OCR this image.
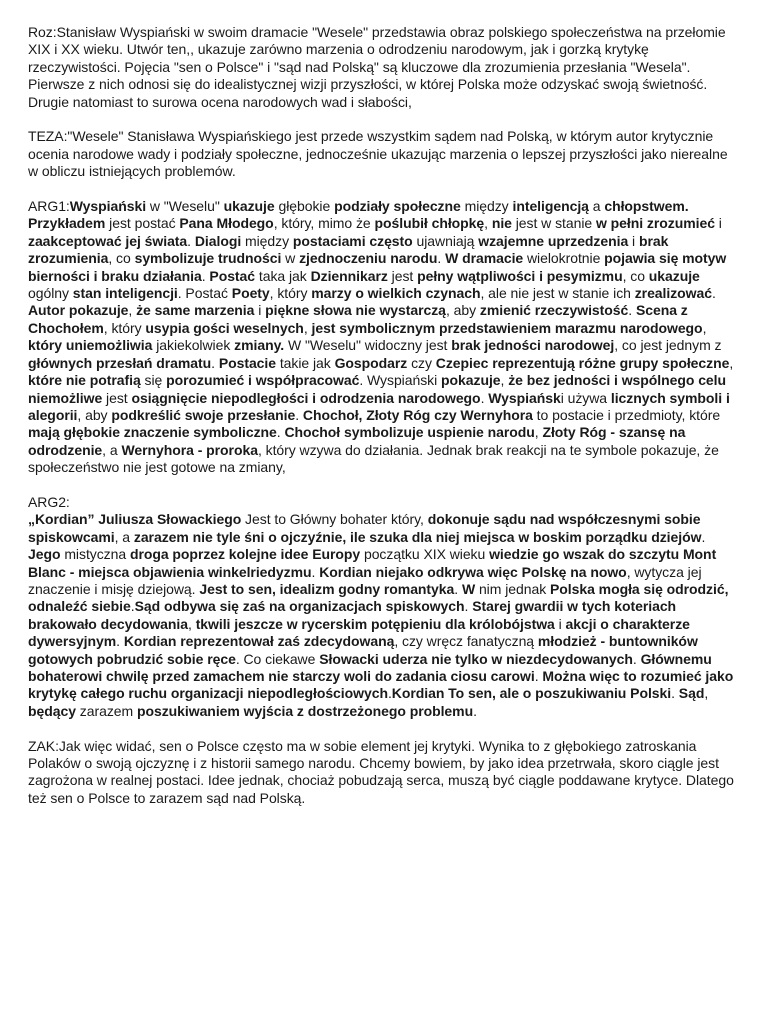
Roz:Stanisław Wyspiański w swoim dramacie "Wesele" przedstawia obraz polskiego społeczeństwa na przełomie XIX i XX wieku. Utwór ten,, ukazuje zarówno marzenia o odrodzeniu narodowym, jak i gorzką krytykę rzeczywistości. Pojęcia "sen o Polsce" i "sąd nad Polską" są kluczowe dla zrozumienia przesłania "Wesela". Pierwsze z nich odnosi się do idealistycznej wizji przyszłości, w której Polska może odzyskać swoją świetność. Drugie natomiast to surowa ocena narodowych wad i słabości,

TEZA:"Wesele" Stanisława Wyspiańskiego jest przede wszystkim sądem nad Polską, w którym autor krytycznie ocenia narodowe wady i podziały społeczne, jednocześnie ukazując marzenia o lepszej przyszłości jako nierealne w obliczu istniejących problemów.

ARG1:Wyspiański w "Weselu" ukazuje głębokie podziały społeczne między inteligencją a chłopstwem. Przykładem jest postać Pana Młodego, który, mimo że poślubił chłopkę, nie jest w stanie w pełni zrozumieć i zaakceptować jej świata. Dialogi między postaciami często ujawniają wzajemne uprzedzenia i brak zrozumienia, co symbolizuje trudności w zjednoczeniu narodu. W dramacie wielokrotnie pojawia się motyw bierności i braku działania. Postać taka jak Dziennikarz jest pełny wątpliwości i pesymizmu, co ukazuje ogólny stan inteligencji. Postać Poety, który marzy o wielkich czynach, ale nie jest w stanie ich zrealizować. Autor pokazuje, że same marzenia i piękne słowa nie wystarczą, aby zmienić rzeczywistość. Scena z Chochołem, który usypia gości weselnych, jest symbolicznym przedstawieniem marazmu narodowego, który uniemożliwia jakiekolwiek zmiany. W "Weselu" widoczny jest brak jedności narodowej, co jest jednym z głównych przesłań dramatu. Postacie takie jak Gospodarz czy Czepiec reprezentują różne grupy społeczne, które nie potrafią się porozumieć i współpracować. Wyspiański pokazuje, że bez jedności i wspólnego celu niemożliwe jest osiągnięcie niepodległości i odrodzenia narodowego. Wyspiański używa licznych symboli i alegorii, aby podkreślić swoje przesłanie. Chochoł, Złoty Róg czy Wernyhora to postacie i przedmioty, które mają głębokie znaczenie symboliczne. Chochoł symbolizuje uspienie narodu, Złoty Róg - szansę na odrodzenie, a Wernyhora - proroka, który wzywa do działania. Jednak brak reakcji na te symbole pokazuje, że społeczeństwo nie jest gotowe na zmiany,

ARG2:

„Kordian” Juliusza Słowackiego Jest to Główny bohater który, dokonuje sądu nad współczesnymi sobie spiskowcami, a zarazem nie tyle śni o ojczyźnie, ile szuka dla niej miejsca w boskim porządku dziejów. Jego mistyczna droga poprzez kolejne idee Europy początku XIX wieku wiedzie go wszak do szczytu Mont Blanc - miejsca objawienia winkelriedyzmu. Kordian niejako odkrywa więc Polskę na nowo, wytycza jej znaczenie i misję dziejową. Jest to sen, idealizm godny romantyka. W nim jednak Polska mogła się odrodzić, odnaleźć siebie.Sąd odbywa się zaś na organizacjach spiskowych. Starej gwardii w tych koteriach brakowało decydowania, tkwili jeszcze w rycerskim potępieniu dla królobójstwa i akcji o charakterze dywersyjnym. Kordian reprezentował zaś zdecydowaną, czy wręcz fanatyczną młodzież - buntowników gotowych pobrudzić sobie ręce. Co ciekawe Słowacki uderza nie tylko w niezdecydowanych. Głównemu bohaterowi chwilę przed zamachem nie starczy woli do zadania ciosu carowi. Można więc to rozumieć jako krytykę całego ruchu organizacji niepodległościowych.Kordian To sen, ale o poszukiwaniu Polski. Sąd, będący zarazem poszukiwaniem wyjścia z dostrzeżonego problemu.

ZAK:Jak więc widać, sen o Polsce często ma w sobie element jej krytyki. Wynika to z głębokiego zatroskania Polaków o swoją ojczyznę i z historii samego narodu. Chcemy bowiem, by jako idea przetrwała, skoro ciągle jest zagrożona w realnej postaci. Idee jednak, chociaż pobudzają serca, muszą być ciągle poddawane krytyce. Dlatego też sen o Polsce to zarazem sąd nad Polską.
